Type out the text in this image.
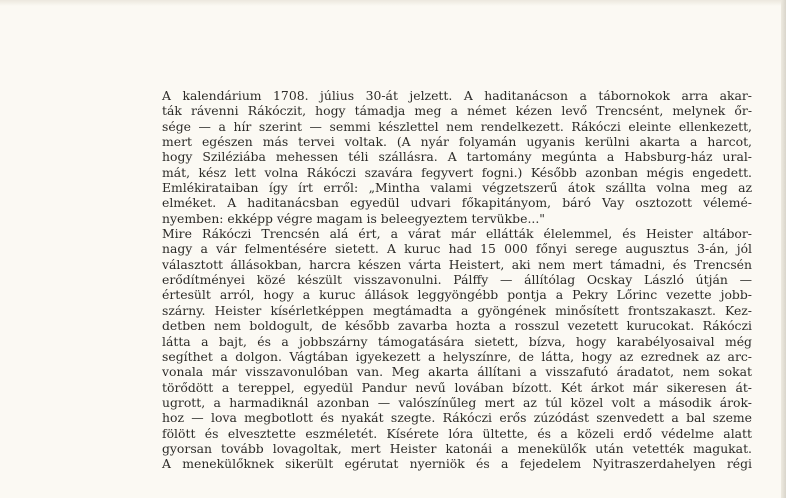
A kalendárium 1708. július 30-át jelzett. A haditanácson a tábornokok arra akar-
ták rávenni Rákóczit, hogy támadja meg a német kézen levő Trencsént, melynek őr-
sége — a hír szerint — semmi készlettel nem rendelkezett. Rákóczi eleinte ellenkezett,
mert egészen más tervei voltak. (A nyár folyamán ugyanis kerülni akarta a harcot,
hogy Sziléziába mehessen téli szállásra. A tartomány megúnta a Habsburg-ház ural-
mát, kész lett volna Rákóczi szavára fegyvert fogni.) Később azonban mégis engedett.
Emlékirataiban így írt erről: „Mintha valami végzetszerű átok szállta volna meg az
elméket. A haditanácsban egyedül udvari főkapitányom, báró Vay osztozott vélemé-
nyemben: ekképp végre magam is beleegyeztem tervükbe..."

Mire Rákóczi Trencsén alá ért, a várat már ellátták élelemmel, és Heister altábor-
nagy a vár felmentésére sietett. A kuruc had 15 000 főnyi serege augusztus 3-án, jól
választott állásokban, harcra készen várta Heistert, aki nem mert támadni, és Trencsén
erődítményei közé készült visszavonulni. Pálffy — állítólag Ocskay László útján —
értesült arról, hogy a kuruc állások leggyöngébb pontja a Pekry Lőrinc vezette jobb-
szárny. Heister kísérletképpen megtámadta a gyöngének minősített frontszakaszt. Kez-
detben nem boldogult, de később zavarba hozta a rosszul vezetett kurucokat. Rákóczi
látta a bajt, és a jobbszárny támogatására sietett, bízva, hogy karabélyosaival még
segíthet a dolgon. Vágtában igyekezett a helyszínre, de látta, hogy az ezrednek az arc-
vonala már visszavonulóban van. Meg akarta állítani a visszafutó áradatot, nem sokat
törődött a tereppel, egyedül Pandur nevű lovában bízott. Két árkot már sikeresen át-
ugrott, a harmadiknál azonban — valószínűleg mert az túl közel volt a második árok-
hoz — lova megbotlott és nyakát szegte. Rákóczi erős zúzódást szenvedett a bal szeme
fölött és elvesztette eszméletét. Kísérete lóra ültette, és a közeli erdő védelme alatt
gyorsan tovább lovagoltak, mert Heister katonái a menekülők után vetették magukat.
A menekülőknek sikerült egérutat nyerniök és a fejedelem Nyitraszerdahelyen régi
